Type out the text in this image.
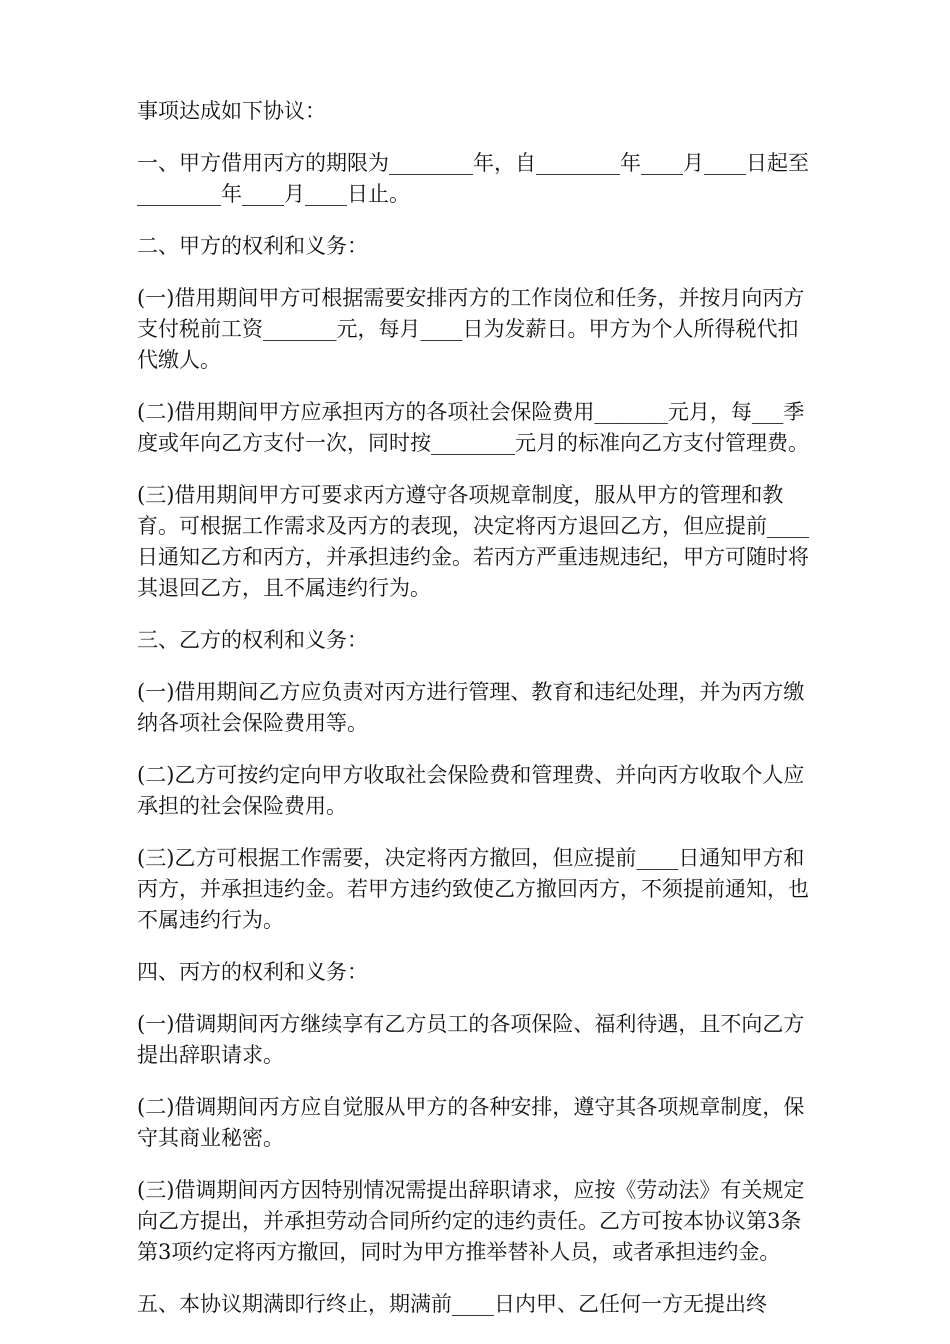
事项达成如下协议：

一、甲方借用丙方的期限为________年，自________年____月____日起至________年____月____日止。

二、甲方的权利和义务：

(一)借用期间甲方可根据需要安排丙方的工作岗位和任务，并按月向丙方支付税前工资_______元，每月____日为发薪日。甲方为个人所得税代扣代缴人。

(二)借用期间甲方应承担丙方的各项社会保险费用_______元月，每___季度或年向乙方支付一次，同时按________元月的标准向乙方支付管理费。

(三)借用期间甲方可要求丙方遵守各项规章制度，服从甲方的管理和教育。可根据工作需求及丙方的表现，决定将丙方退回乙方，但应提前____日通知乙方和丙方，并承担违约金。若丙方严重违规违纪，甲方可随时将其退回乙方，且不属违约行为。

三、乙方的权利和义务：

(一)借用期间乙方应负责对丙方进行管理、教育和违纪处理，并为丙方缴纳各项社会保险费用等。

(二)乙方可按约定向甲方收取社会保险费和管理费、并向丙方收取个人应承担的社会保险费用。

(三)乙方可根据工作需要，决定将丙方撤回，但应提前____日通知甲方和丙方，并承担违约金。若甲方违约致使乙方撤回丙方，不须提前通知，也不属违约行为。

四、丙方的权利和义务：

(一)借调期间丙方继续享有乙方员工的各项保险、福利待遇，且不向乙方提出辞职请求。

(二)借调期间丙方应自觉服从甲方的各种安排，遵守其各项规章制度，保守其商业秘密。

(三)借调期间丙方因特别情况需提出辞职请求，应按《劳动法》有关规定向乙方提出，并承担劳动合同所约定的违约责任。乙方可按本协议第3条第3项约定将丙方撤回，同时为甲方推举替补人员，或者承担违约金。

五、本协议期满即行终止，期满前____日内甲、乙任何一方无提出终
